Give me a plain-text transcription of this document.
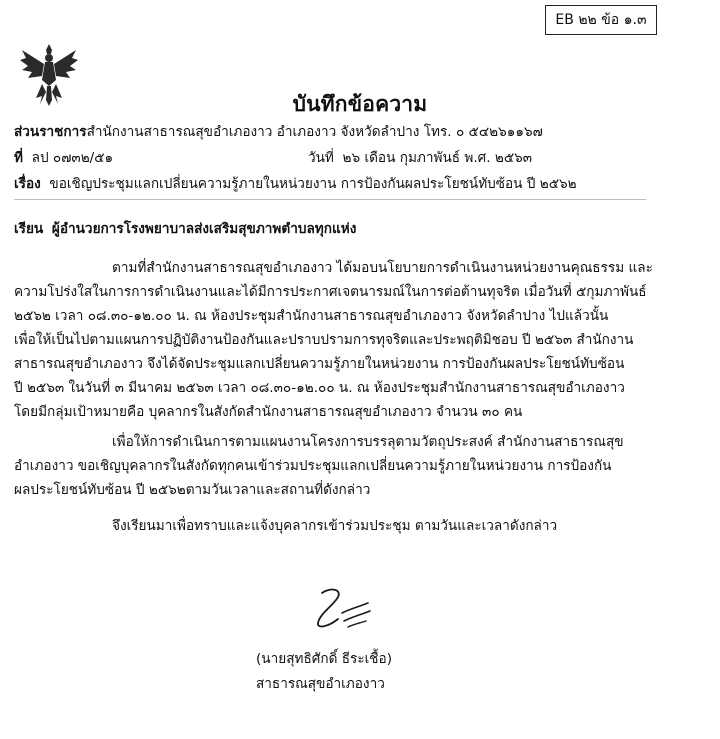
EB ๒๒ ข้อ ๑.๓
บันทึกข้อความ
ส่วนราชการสำนักงานสาธารณสุขอำเภองาว อำเภองาว จังหวัดลำปาง โทร. ๐ ๕๔๒๖๑๑๖๗
ที่ ลป ๐๗๓๒/๕๑	วันที่ ๒๖ เดือน กุมภาพันธ์ พ.ศ. ๒๕๖๓
เรื่อง ขอเชิญประชุมแลกเปลี่ยนความรู้ภายในหน่วยงาน การป้องกันผลประโยชน์ทับซ้อน ปี ๒๕๖๒
เรียน ผู้อำนวยการโรงพยาบาลส่งเสริมสุขภาพตำบลทุกแห่ง
ตามที่สำนักงานสาธารณสุขอำเภองาว ได้มอบนโยบายการดำเนินงานหน่วยงานคุณธรรม และ
ความโปร่งใสในการการดำเนินงานและได้มีการประกาศเจตนารมณ์ในการต่อต้านทุจริต เมื่อวันที่ ๕กุมภาพันธ์
๒๕๖๒ เวลา ๐๘.๓๐-๑๒.๐๐ น. ณ ห้องประชุมสำนักงานสาธารณสุขอำเภองาว จังหวัดลำปาง ไปแล้วนั้น
เพื่อให้เป็นไปตามแผนการปฏิบัติงานป้องกันและปราบปรามการทุจริตและประพฤติมิชอบ ปี ๒๕๖๓ สำนักงาน
สาธารณสุขอำเภองาว จึงได้จัดประชุมแลกเปลี่ยนความรู้ภายในหน่วยงาน การป้องกันผลประโยชน์ทับซ้อน
ปี ๒๕๖๓ ในวันที่ ๓ มีนาคม ๒๕๖๓ เวลา ๐๘.๓๐-๑๒.๐๐ น. ณ ห้องประชุมสำนักงานสาธารณสุขอำเภองาว
โดยมีกลุ่มเป้าหมายคือ บุคลากรในสังกัดสำนักงานสาธารณสุขอำเภองาว จำนวน ๓๐ คน
เพื่อให้การดำเนินการตามแผนงานโครงการบรรลุตามวัตถุประสงค์ สำนักงานสาธารณสุข
อำเภองาว ขอเชิญบุคลากรในสังกัดทุกคนเข้าร่วมประชุมแลกเปลี่ยนความรู้ภายในหน่วยงาน การป้องกัน
ผลประโยชน์ทับซ้อน ปี ๒๕๖๒ตามวันเวลาและสถานที่ดังกล่าว
จึงเรียนมาเพื่อทราบและแจ้งบุคลากรเข้าร่วมประชุม ตามวันและเวลาดังกล่าว
(นายสุทธิศักดิ์ ธีระเชื้อ)
สาธารณสุขอำเภองาว
